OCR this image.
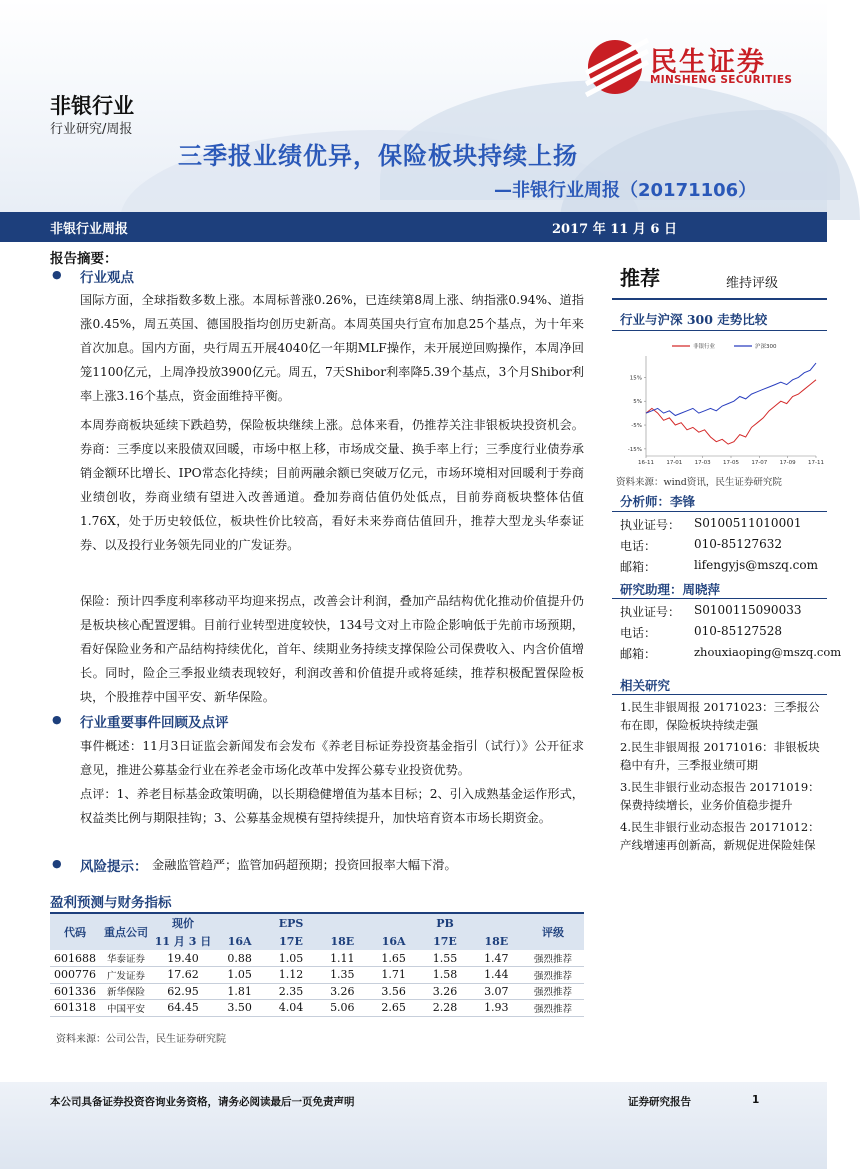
民生证券
MINSHENG SECURITIES
非银行业
行业研究/周报
三季报业绩优异，保险板块持续上扬
—非银行业周报（20171106）
非银行业周报	2017 年 11 月 6 日
报告摘要：
● 行业观点
国际方面，全球指数多数上涨。本周标普涨0.26%，已连续第8周上涨、纳指涨0.94%、道指涨0.45%，周五英国、德国股指均创历史新高。本周英国央行宣布加息25个基点，为十年来首次加息。国内方面，央行周五开展4040亿一年期MLF操作，未开展逆回购操作，本周净回笼1100亿元，上周净投放3900亿元。周五，7天Shibor利率降5.39个基点，3个月Shibor利率上涨3.16个基点，资金面维持平衡。
本周券商板块延续下跌趋势，保险板块继续上涨。总体来看，仍推荐关注非银板块投资机会。券商：三季度以来股债双回暖，市场中枢上移，市场成交量、换手率上行；三季度行业债券承销金额环比增长、IPO常态化持续；目前两融余额已突破万亿元，市场环境相对回暖利于券商业绩创收，券商业绩有望进入改善通道。叠加券商估值仍处低点，目前券商板块整体估值1.76X，处于历史较低位，板块性价比较高，看好未来券商估值回升，推荐大型龙头华泰证券、以及投行业务领先同业的广发证券。
保险：预计四季度利率移动平均迎来拐点，改善会计利润，叠加产品结构优化推动价值提升仍是板块核心配置逻辑。目前行业转型进度较快，134号文对上市险企影响低于先前市场预期，看好保险业务和产品结构持续优化，首年、续期业务持续支撑保险公司保费收入、内含价值增长。同时，险企三季报业绩表现较好，利润改善和价值提升或将延续，推荐积极配置保险板块，个股推荐中国平安、新华保险。
● 行业重要事件回顾及点评
事件概述：11月3日证监会新闻发布会发布《养老目标证券投资基金指引（试行）》公开征求意见，推进公募基金行业在养老金市场化改革中发挥公募专业投资优势。
点评：1、养老目标基金政策明确，以长期稳健增值为基本目标；2、引入成熟基金运作形式，权益类比例与期限挂钩；3、公募基金规模有望持续提升，加快培育资本市场长期资金。
● 风险提示： 金融监管趋严；监管加码超预期；投资回报率大幅下滑。
盈利预测与财务指标
代码	重点公司	现价	EPS			PB			评级
		11 月 3 日	16A	17E	18E	16A	17E	18E	
601688	华泰证券	19.40	0.88	1.05	1.11	1.65	1.55	1.47	强烈推荐
000776	广发证券	17.62	1.05	1.12	1.35	1.71	1.58	1.44	强烈推荐
601336	新华保险	62.95	1.81	2.35	3.26	3.56	3.26	3.07	强烈推荐
601318	中国平安	64.45	3.50	4.04	5.06	2.65	2.28	1.93	强烈推荐
资料来源：公司公告，民生证券研究院
推荐	维持评级
行业与沪深 300 走势比较
非银行业	沪深300
15%
5%
-5%
-15%
16-11 17-01 17-03 17-05 17-07 17-09 17-11
资料来源：wind资讯，民生证券研究院
分析师：李锋
执业证号： S0100511010001
电话：	010-85127632
邮箱：	lifengyjs@mszq.com
研究助理：周晓萍
执业证号： S0100115090033
电话：	010-85127528
邮箱：	zhouxiaoping@mszq.com
相关研究
1.民生非银周报 20171023：三季报公布在即，保险板块持续走强
2.民生非银周报 20171016：非银板块稳中有升，三季报业绩可期
3.民生非银行业动态报告 20171019：保费持续增长，业务价值稳步提升
4.民生非银行业动态报告 20171012：产线增速再创新高，新规促进保险娃保
本公司具备证券投资咨询业务资格，请务必阅读最后一页免责声明	证券研究报告	1
